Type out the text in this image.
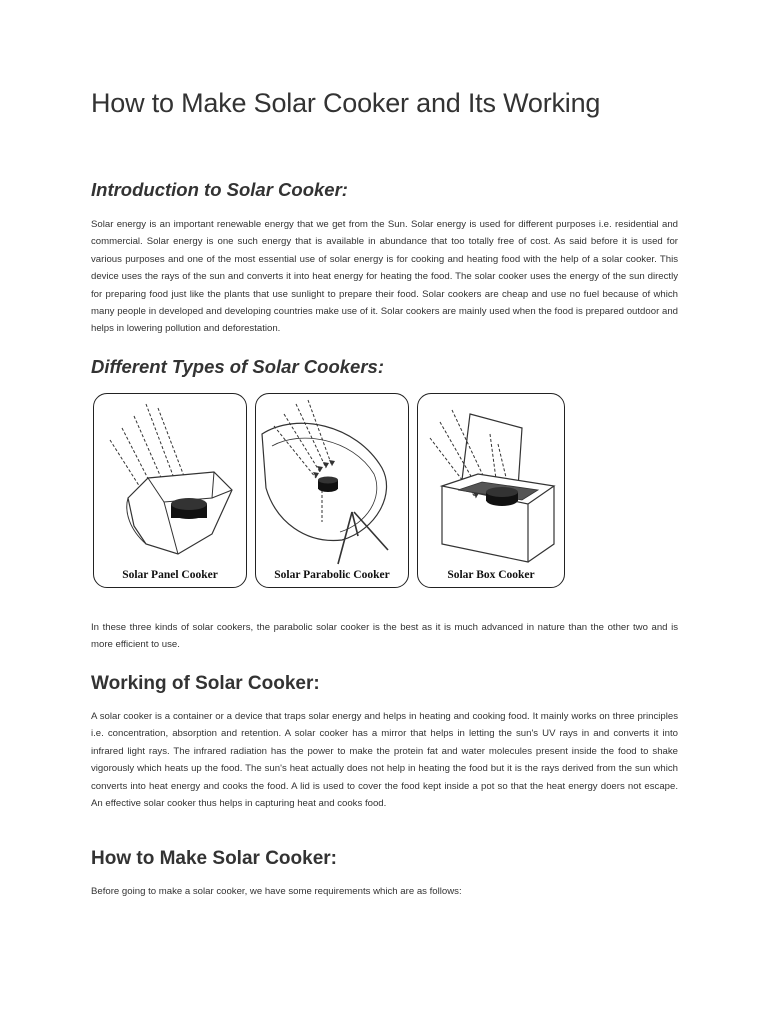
How to Make Solar Cooker and Its Working
Introduction to Solar Cooker:

Solar energy is an important renewable energy that we get from the Sun. Solar energy is used for different purposes i.e. residential and commercial. Solar energy is one such energy that is available in abundance that too totally free of cost. As said before it is used for various purposes and one of the most essential use of solar energy is for cooking and heating food with the help of a solar cooker. This device uses the rays of the sun and converts it into heat energy for heating the food. The solar cooker uses the energy of the sun directly for preparing food just like the plants that use sunlight to prepare their food. Solar cookers are cheap and use no fuel because of which many people in developed and developing countries make use of it. Solar cookers are mainly used when the food is prepared outdoor and helps in lowering pollution and deforestation.

Different Types of Solar Cookers:
Solar Panel Cooker	Solar Parabolic Cooker	Solar Box Cooker

In these three kinds of solar cookers, the parabolic solar cooker is the best as it is much advanced in nature than the other two and is more efficient to use.

Working of Solar Cooker:

A solar cooker is a container or a device that traps solar energy and helps in heating and cooking food. It mainly works on three principles i.e. concentration, absorption and retention. A solar cooker has a mirror that helps in letting the sun's UV rays in and converts it into infrared light rays. The infrared radiation has the power to make the protein fat and water molecules present inside the food to shake vigorously which heats up the food. The sun's heat actually does not help in heating the food but it is the rays derived from the sun which converts into heat energy and cooks the food. A lid is used to cover the food kept inside a pot so that the heat energy doers not escape. An effective solar cooker thus helps in capturing heat and cooks food.

How to Make Solar Cooker:

Before going to make a solar cooker, we have some requirements which are as follows:
